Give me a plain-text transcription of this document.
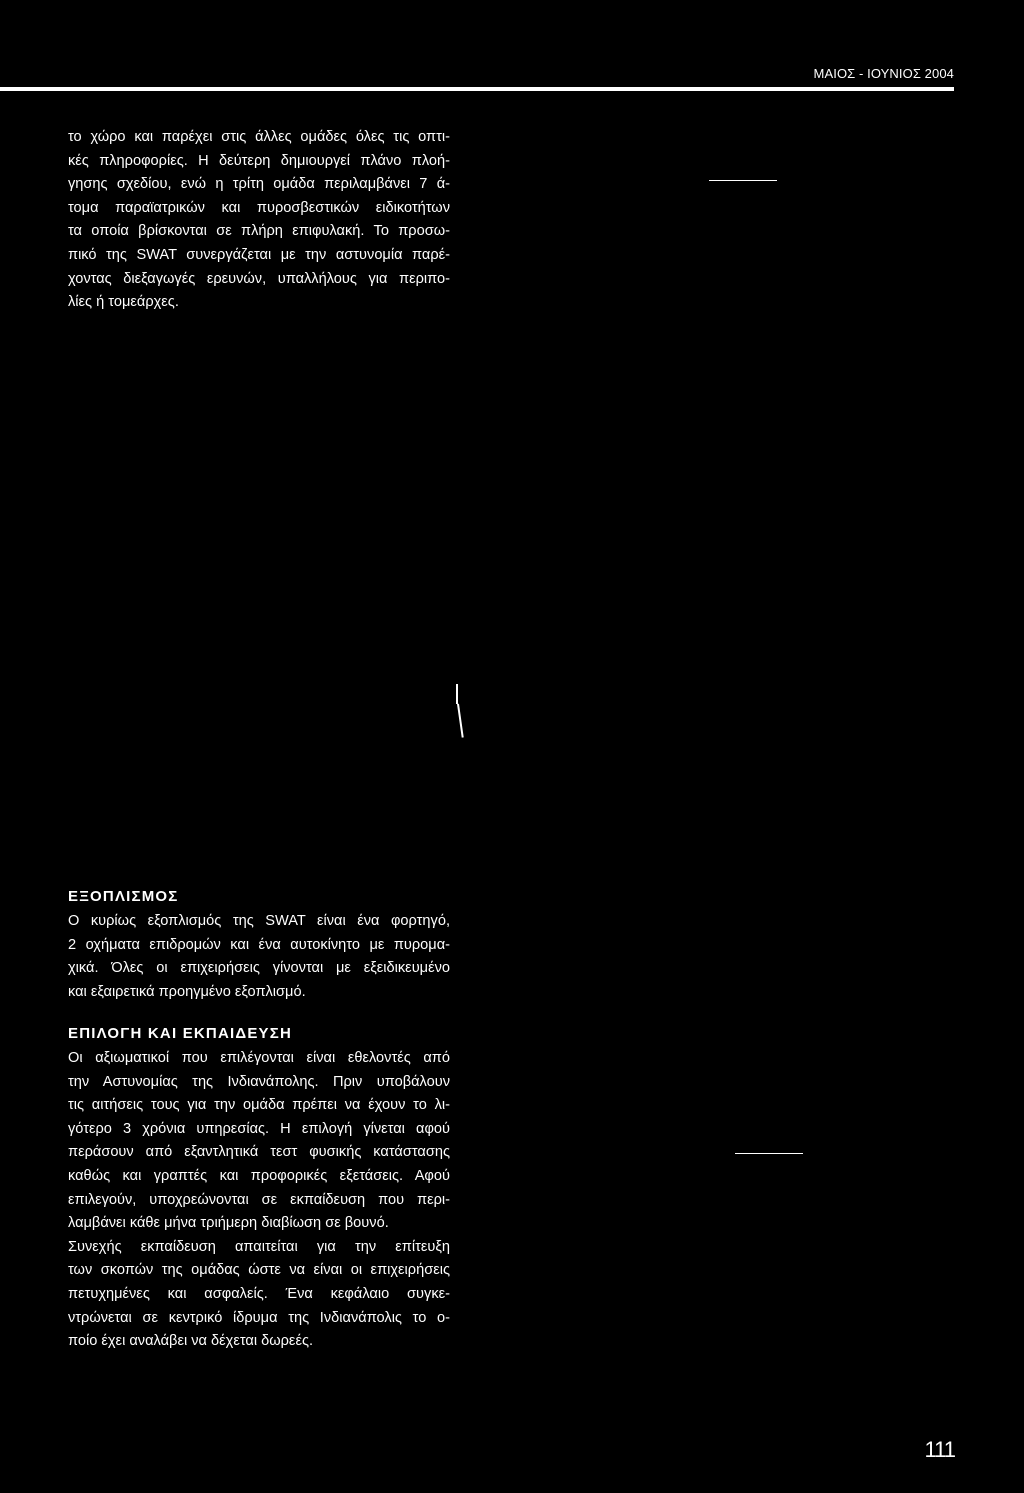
ΜΑΙΟΣ - ΙΟΥΝΙΟΣ 2004

το χώρο και παρέχει στις άλλες ομάδες όλες τις οπτι-
κές πληροφορίες. Η δεύτερη δημιουργεί πλάνο πλοή-
γησης σχεδίου, ενώ η τρίτη ομάδα περιλαμβάνει 7 ά-
τομα παραϊατρικών και πυροσβεστικών ειδικοτήτων
τα οποία βρίσκονται σε πλήρη επιφυλακή. Το προσω-
πικό της SWAT συνεργάζεται με την αστυνομία παρέ-
χοντας διεξαγωγές ερευνών, υπαλλήλους για περιπο-
λίες ή τομεάρχες.

ΕΞΟΠΛΙΣΜΟΣ

Ο κυρίως εξοπλισμός της SWAT είναι ένα φορτηγό,
2 οχήματα επιδρομών και ένα αυτοκίνητο με πυρομα-
χικά. Όλες οι επιχειρήσεις γίνονται με εξειδικευμένο
και εξαιρετικά προηγμένο εξοπλισμό.

ΕΠΙΛΟΓΗ ΚΑΙ ΕΚΠΑΙΔΕΥΣΗ

Οι αξιωματικοί που επιλέγονται είναι εθελοντές από
την Αστυνομίας της Ινδιανάπολης. Πριν υποβάλουν
τις αιτήσεις τους για την ομάδα πρέπει να έχουν το λι-
γότερο 3 χρόνια υπηρεσίας. Η επιλογή γίνεται αφού
περάσουν από εξαντλητικά τεστ φυσικής κατάστασης
καθώς και γραπτές και προφορικές εξετάσεις. Αφού
επιλεγούν, υποχρεώνονται σε εκπαίδευση που περι-
λαμβάνει κάθε μήνα τριήμερη διαβίωση σε βουνό.
Συνεχής εκπαίδευση απαιτείται για την επίτευξη
των σκοπών της ομάδας ώστε να είναι οι επιχειρήσεις
πετυχημένες και ασφαλείς. Ένα κεφάλαιο συγκε-
ντρώνεται σε κεντρικό ίδρυμα της Ινδιανάπολις το ο-
ποίο έχει αναλάβει να δέχεται δωρεές.

111
